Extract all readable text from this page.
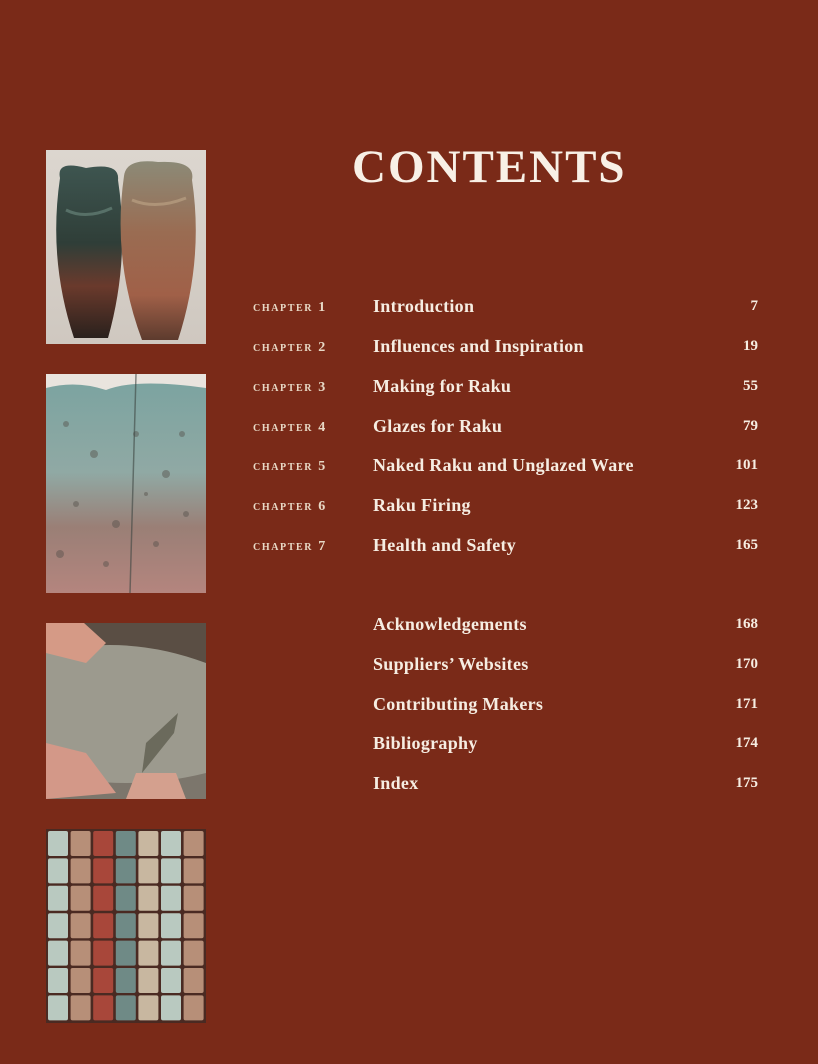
CONTENTS
chapter 1	Introduction	7
chapter 2	Influences and Inspiration	19
chapter 3	Making for Raku	55
chapter 4	Glazes for Raku	79
chapter 5	Naked Raku and Unglazed Ware	101
chapter 6	Raku Firing	123
chapter 7	Health and Safety	165
Acknowledgements	168
Suppliers’ Websites	170
Contributing Makers	171
Bibliography	174
Index	175
